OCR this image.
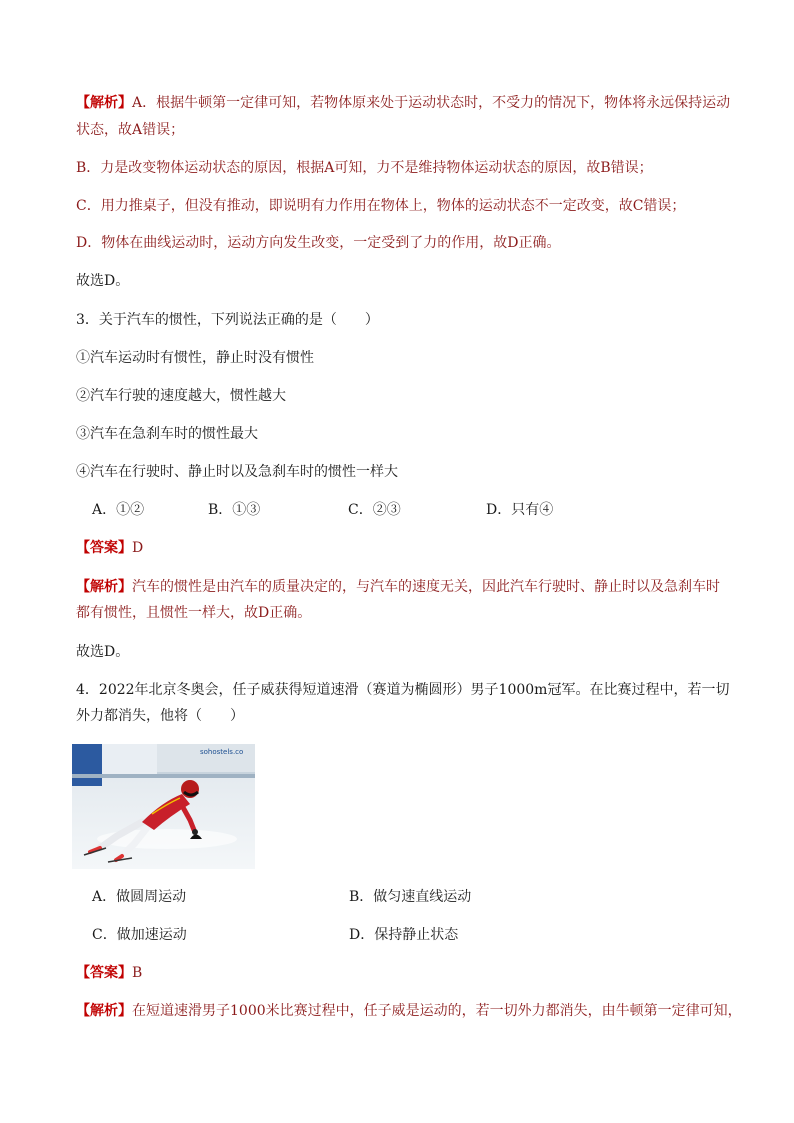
【解析】A．根据牛顿第一定律可知，若物体原来处于运动状态时，不受力的情况下，物体将永远保持运动
状态，故A错误；
B．力是改变物体运动状态的原因，根据A可知，力不是维持物体运动状态的原因，故B错误；
C．用力推桌子，但没有推动，即说明有力作用在物体上，物体的运动状态不一定改变，故C错误；
D．物体在曲线运动时，运动方向发生改变，一定受到了力的作用，故D正确。
故选D。
3．关于汽车的惯性，下列说法正确的是（　　）
①汽车运动时有惯性，静止时没有惯性
②汽车行驶的速度越大，惯性越大
③汽车在急刹车时的惯性最大
④汽车在行驶时、静止时以及急刹车时的惯性一样大
A．①②	B．①③	C．②③	D．只有④
【答案】D
【解析】汽车的惯性是由汽车的质量决定的，与汽车的速度无关，因此汽车行驶时、静止时以及急刹车时
都有惯性，且惯性一样大，故D正确。
故选D。
4．2022年北京冬奥会，任子威获得短道速滑（赛道为椭圆形）男子1000m冠军。在比赛过程中，若一切
外力都消失，他将（　　）
sohostels.co
A．做圆周运动	B．做匀速直线运动
C．做加速运动	D．保持静止状态
【答案】B
【解析】在短道速滑男子1000米比赛过程中，任子威是运动的，若一切外力都消失，由牛顿第一定律可知，
